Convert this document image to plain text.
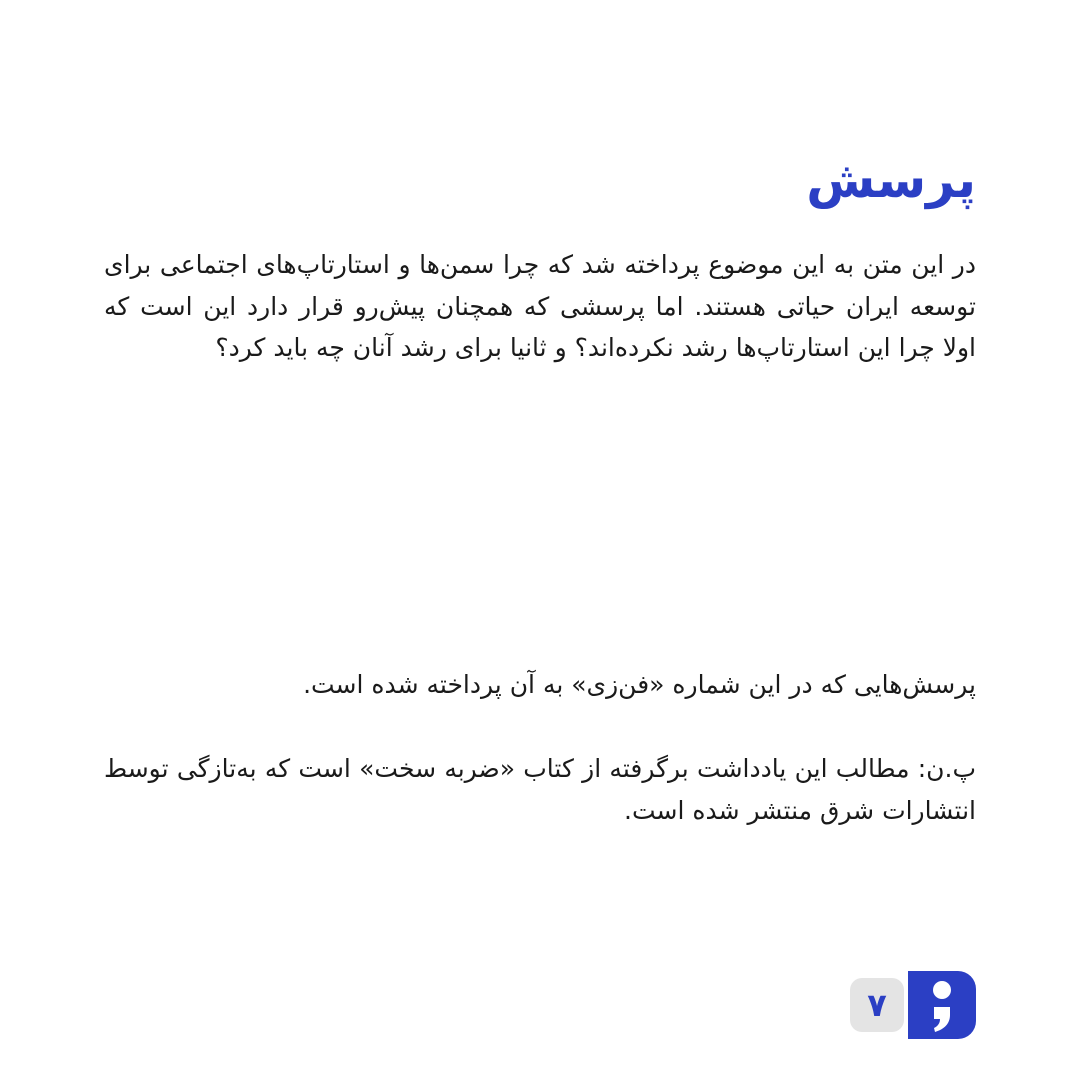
پرسش

در این متن به این موضوع پرداخته شد که چرا سمن‌ها و استارتاپ‌های اجتماعی برای توسعه ایران حیاتی هستند. اما پرسشی که همچنان پیش‌رو قرار دارد این است که اولا چرا این استارتاپ‌ها رشد نکرده‌اند؟ و ثانیا برای رشد آنان چه باید کرد؟

پرسش‌هایی که در این شماره «فن‌زی» به آن پرداخته شده است.

پ.ن: مطالب این یادداشت برگرفته از کتاب «ضربه سخت» است که به‌تازگی توسط انتشارات شرق منتشر شده است.

۷
